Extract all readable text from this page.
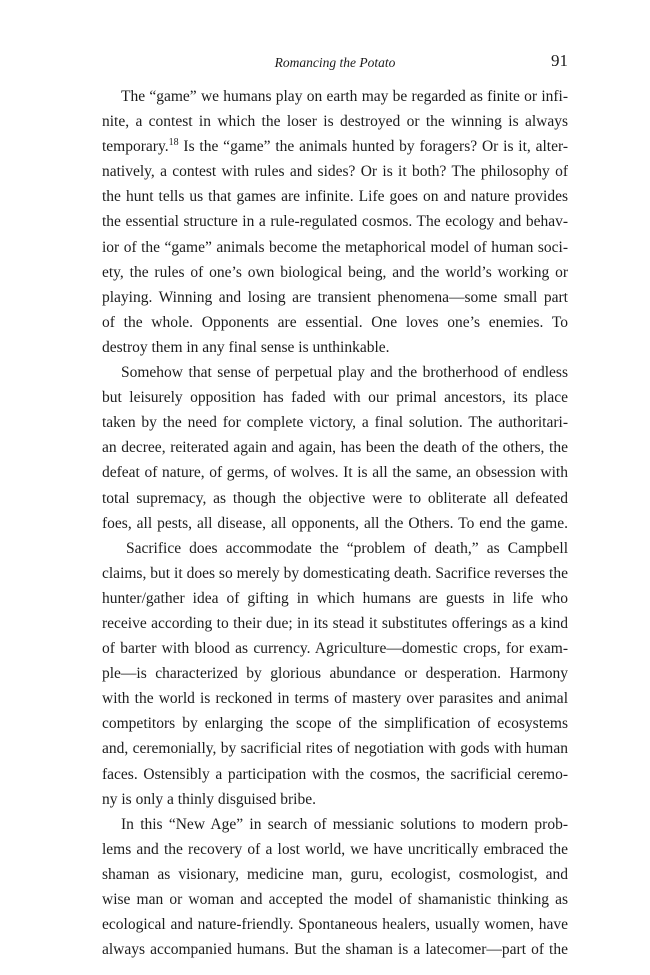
Romancing the Potato	91
The “game” we humans play on earth may be regarded as finite or infi-
nite, a contest in which the loser is destroyed or the winning is always
temporary.$^{18}$ Is the “game” the animals hunted by foragers? Or is it, alter-
natively, a contest with rules and sides? Or is it both? The philosophy of
the hunt tells us that games are infinite. Life goes on and nature provides
the essential structure in a rule-regulated cosmos. The ecology and behav-
ior of the “game” animals become the metaphorical model of human soci-
ety, the rules of one’s own biological being, and the world’s working or
playing. Winning and losing are transient phenomena—some small part
of the whole. Opponents are essential. One loves one’s enemies. To
destroy them in any final sense is unthinkable.
Somehow that sense of perpetual play and the brotherhood of endless
but leisurely opposition has faded with our primal ancestors, its place
taken by the need for complete victory, a final solution. The authoritari-
an decree, reiterated again and again, has been the death of the others, the
defeat of nature, of germs, of wolves. It is all the same, an obsession with
total supremacy, as though the objective were to obliterate all defeated
foes, all pests, all disease, all opponents, all the Others. To end the game.
Sacrifice does accommodate the “problem of death,” as Campbell
claims, but it does so merely by domesticating death. Sacrifice reverses the
hunter/gather idea of gifting in which humans are guests in life who
receive according to their due; in its stead it substitutes offerings as a kind
of barter with blood as currency. Agriculture—domestic crops, for exam-
ple—is characterized by glorious abundance or desperation. Harmony
with the world is reckoned in terms of mastery over parasites and animal
competitors by enlarging the scope of the simplification of ecosystems
and, ceremonially, by sacrificial rites of negotiation with gods with human
faces. Ostensibly a participation with the cosmos, the sacrificial ceremo-
ny is only a thinly disguised bribe.
In this “New Age” in search of messianic solutions to modern prob-
lems and the recovery of a lost world, we have uncritically embraced the
shaman as visionary, medicine man, guru, ecologist, cosmologist, and
wise man or woman and accepted the model of shamanistic thinking as
ecological and nature-friendly. Spontaneous healers, usually women, have
always accompanied humans. But the shaman is a latecomer—part of the
